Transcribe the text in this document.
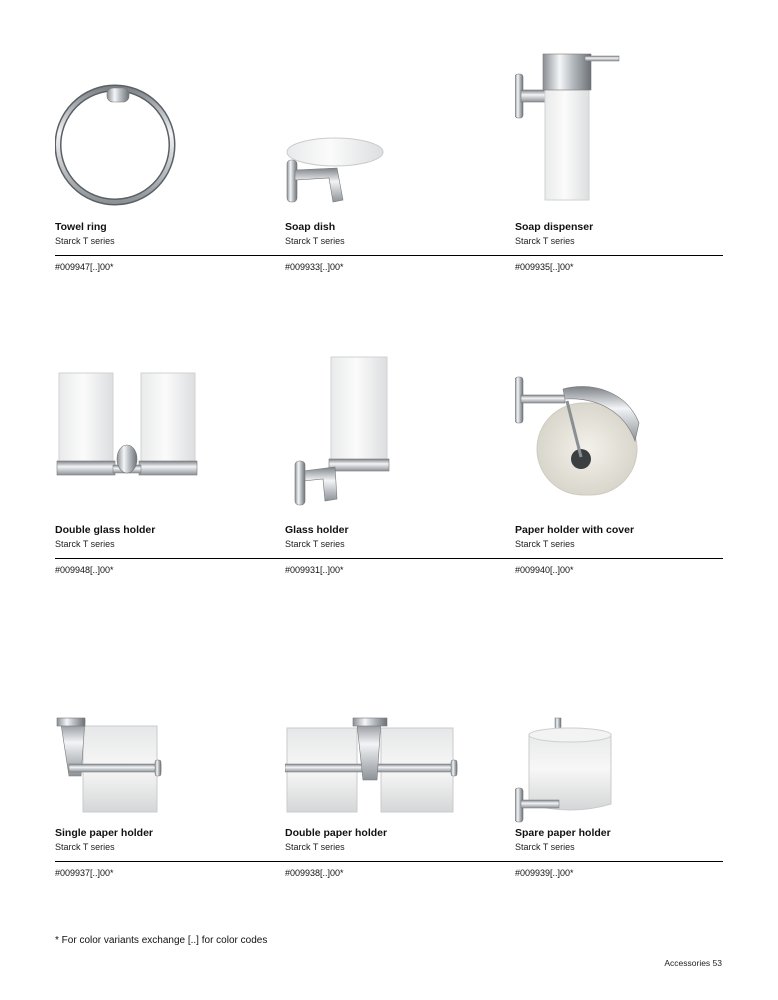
Towel ring
Starck T series
#009947[..]00*
Soap dish
Starck T series
#009933[..]00*
Soap dispenser
Starck T series
#009935[..]00*
Double glass holder
Starck T series
#009948[..]00*
Glass holder
Starck T series
#009931[..]00*
Paper holder with cover
Starck T series
#009940[..]00*
Single paper holder
Starck T series
#009937[..]00*
Double paper holder
Starck T series
#009938[..]00*
Spare paper holder
Starck T series
#009939[..]00*
* For color variants exchange [..] for color codes
Accessories 53
